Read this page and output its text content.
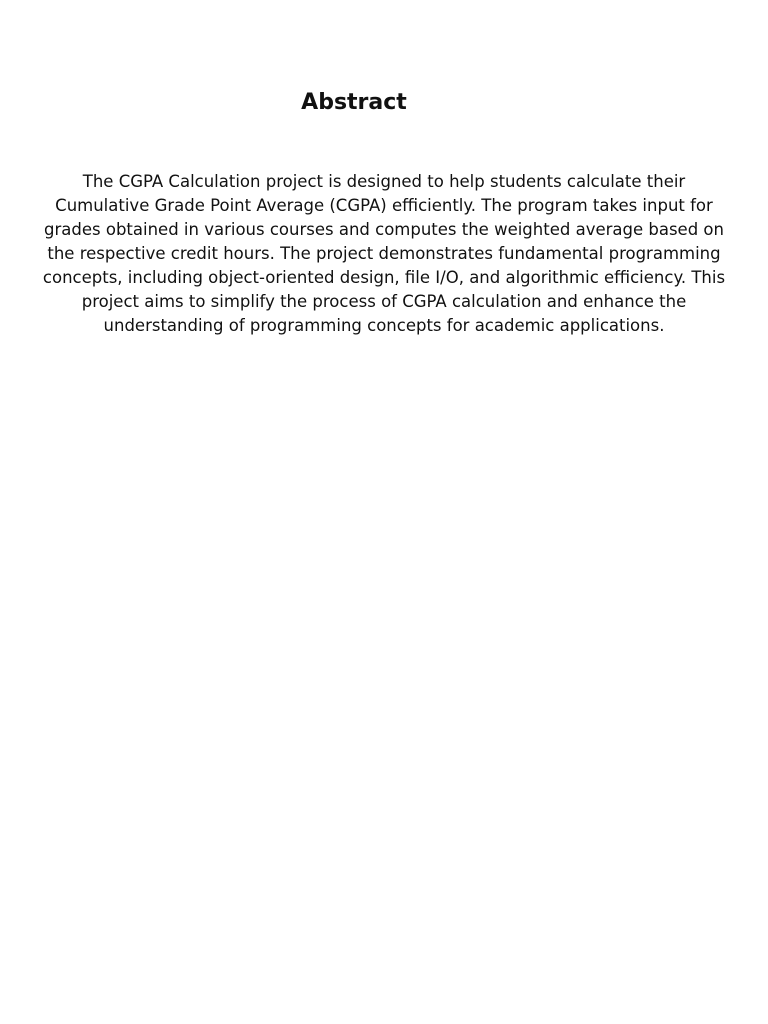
Abstract

The CGPA Calculation project is designed to help students calculate their Cumulative Grade Point Average (CGPA) efficiently. The program takes input for grades obtained in various courses and computes the weighted average based on the respective credit hours. The project demonstrates fundamental programming concepts, including object-oriented design, file I/O, and algorithmic efficiency. This project aims to simplify the process of CGPA calculation and enhance the understanding of programming concepts for academic applications.
